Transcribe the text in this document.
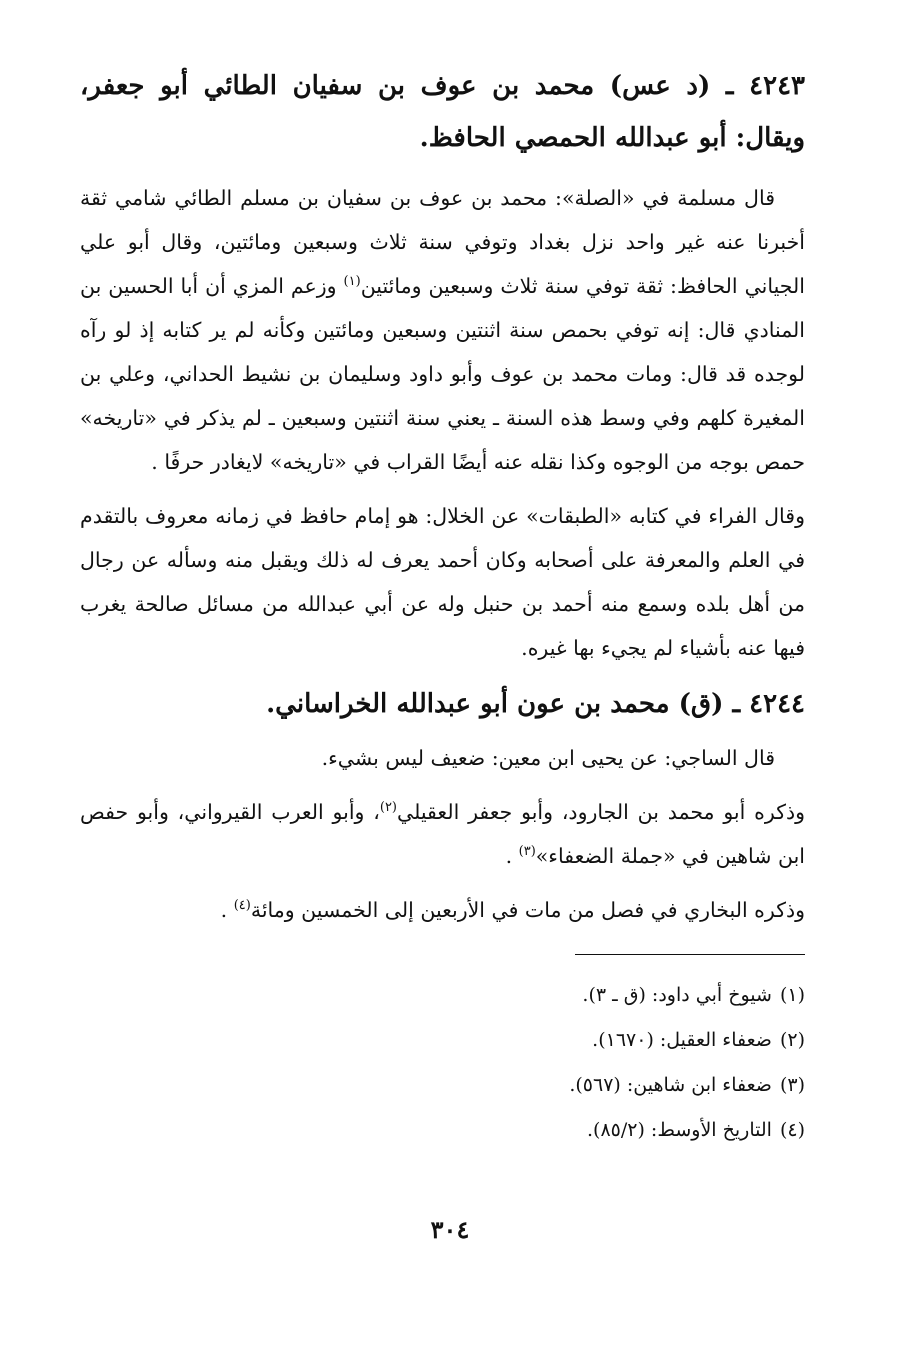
٤٢٤٣ ـ (د عس) محمد بن عوف بن سفيان الطائي أبو جعفر، ويقال: أبو عبدالله الحمصي الحافظ.

قال مسلمة في «الصلة»: محمد بن عوف بن سفيان بن مسلم الطائي شامي ثقة أخبرنا عنه غير واحد نزل بغداد وتوفي سنة ثلاث وسبعين ومائتين، وقال أبو علي الجياني الحافظ: ثقة توفي سنة ثلاث وسبعين ومائتين$^{(١)}$ وزعم المزي أن أبا الحسين بن المنادي قال: إنه توفي بحمص سنة اثنتين وسبعين ومائتين وكأنه لم ير كتابه إذ لو رآه لوجده قد قال: ومات محمد بن عوف وأبو داود وسليمان بن نشيط الحداني، وعلي بن المغيرة كلهم وفي وسط هذه السنة ـ يعني سنة اثنتين وسبعين ـ لم يذكر في «تاريخه» حمص بوجه من الوجوه وكذا نقله عنه أيضًا القراب في «تاريخه» لايغادر حرفًا .

وقال الفراء في كتابه «الطبقات» عن الخلال: هو إمام حافظ في زمانه معروف بالتقدم في العلم والمعرفة على أصحابه وكان أحمد يعرف له ذلك ويقبل منه وسأله عن رجال من أهل بلده وسمع منه أحمد بن حنبل وله عن أبي عبدالله من مسائل صالحة يغرب فيها عنه بأشياء لم يجيء بها غيره.

٤٢٤٤ ـ (ق) محمد بن عون أبو عبدالله الخراساني.

قال الساجي: عن يحيى ابن معين: ضعيف ليس بشيء.

وذكره أبو محمد بن الجارود، وأبو جعفر العقيلي$^{(٢)}$، وأبو العرب القيرواني، وأبو حفص ابن شاهين في «جملة الضعفاء»$^{(٣)}$ .

وذكره البخاري في فصل من مات في الأربعين إلى الخمسين ومائة$^{(٤)}$ .

(١)شيوخ أبي داود: (ق ـ ٣).

(٢)ضعفاء العقيل: (١٦٧٠).

(٣)ضعفاء ابن شاهين: (٥٦٧).

(٤)التاريخ الأوسط: (٨٥/٢).

٣٠٤
